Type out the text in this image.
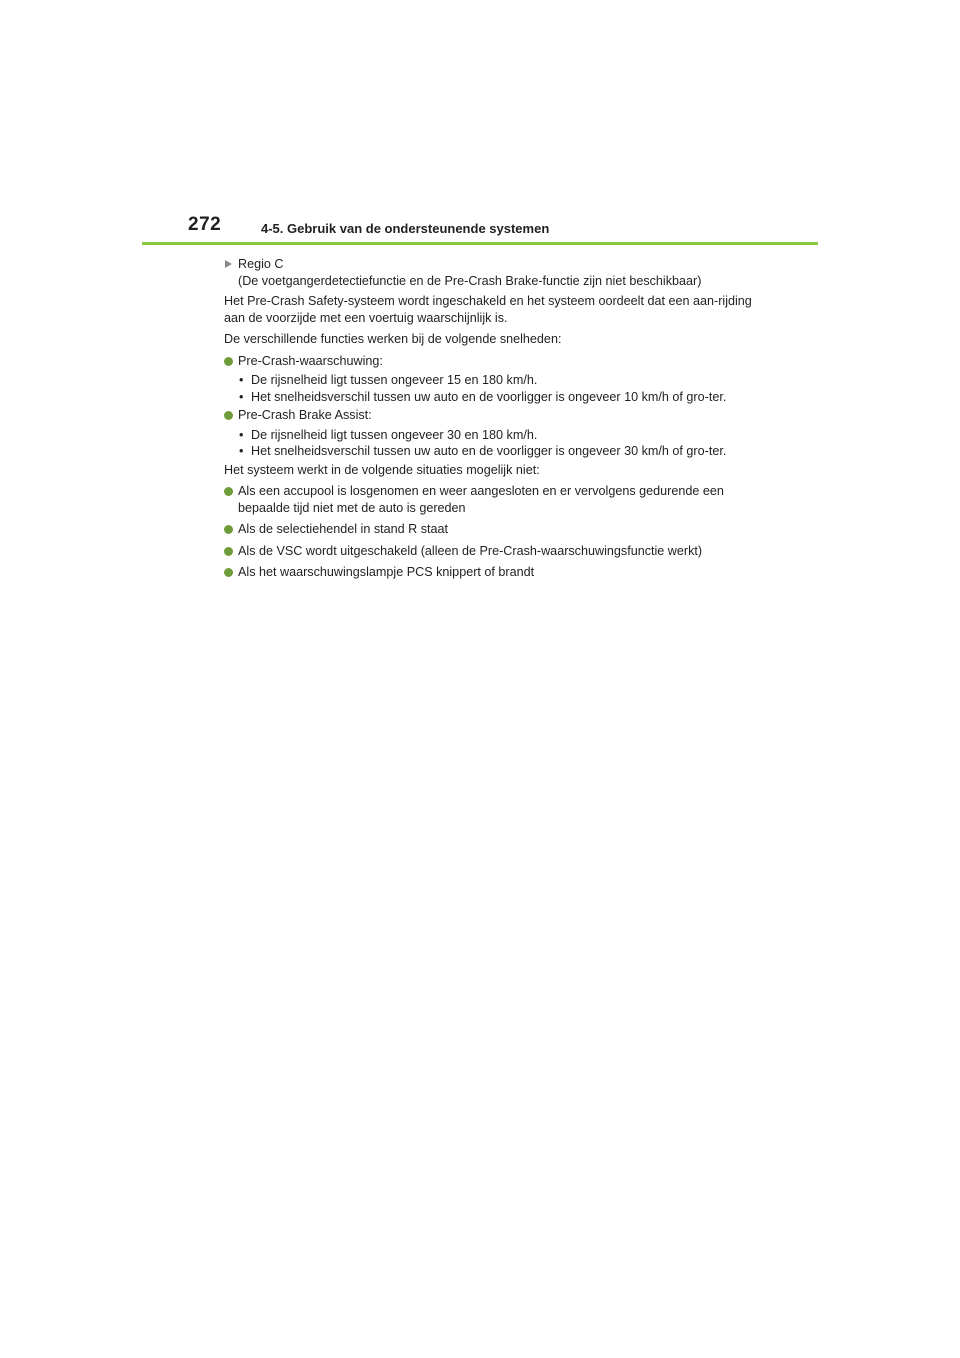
272	4-5. Gebruik van de ondersteunende systemen
Regio C
(De voetgangerdetectiefunctie en de Pre-Crash Brake-functie zijn niet beschikbaar)

Het Pre-Crash Safety-systeem wordt ingeschakeld en het systeem oordeelt dat een aan-rijding aan de voorzijde met een voertuig waarschijnlijk is.

De verschillende functies werken bij de volgende snelheden:

Pre-Crash-waarschuwing:

• De rijsnelheid ligt tussen ongeveer 15 en 180 km/h.

• Het snelheidsverschil tussen uw auto en de voorligger is ongeveer 10 km/h of gro-ter.

Pre-Crash Brake Assist:

• De rijsnelheid ligt tussen ongeveer 30 en 180 km/h.

• Het snelheidsverschil tussen uw auto en de voorligger is ongeveer 30 km/h of gro-ter.

Het systeem werkt in de volgende situaties mogelijk niet:

Als een accupool is losgenomen en weer aangesloten en er vervolgens gedurende een bepaalde tijd niet met de auto is gereden
Als de selectiehendel in stand R staat
Als de VSC wordt uitgeschakeld (alleen de Pre-Crash-waarschuwingsfunctie werkt)
Als het waarschuwingslampje PCS knippert of brandt
